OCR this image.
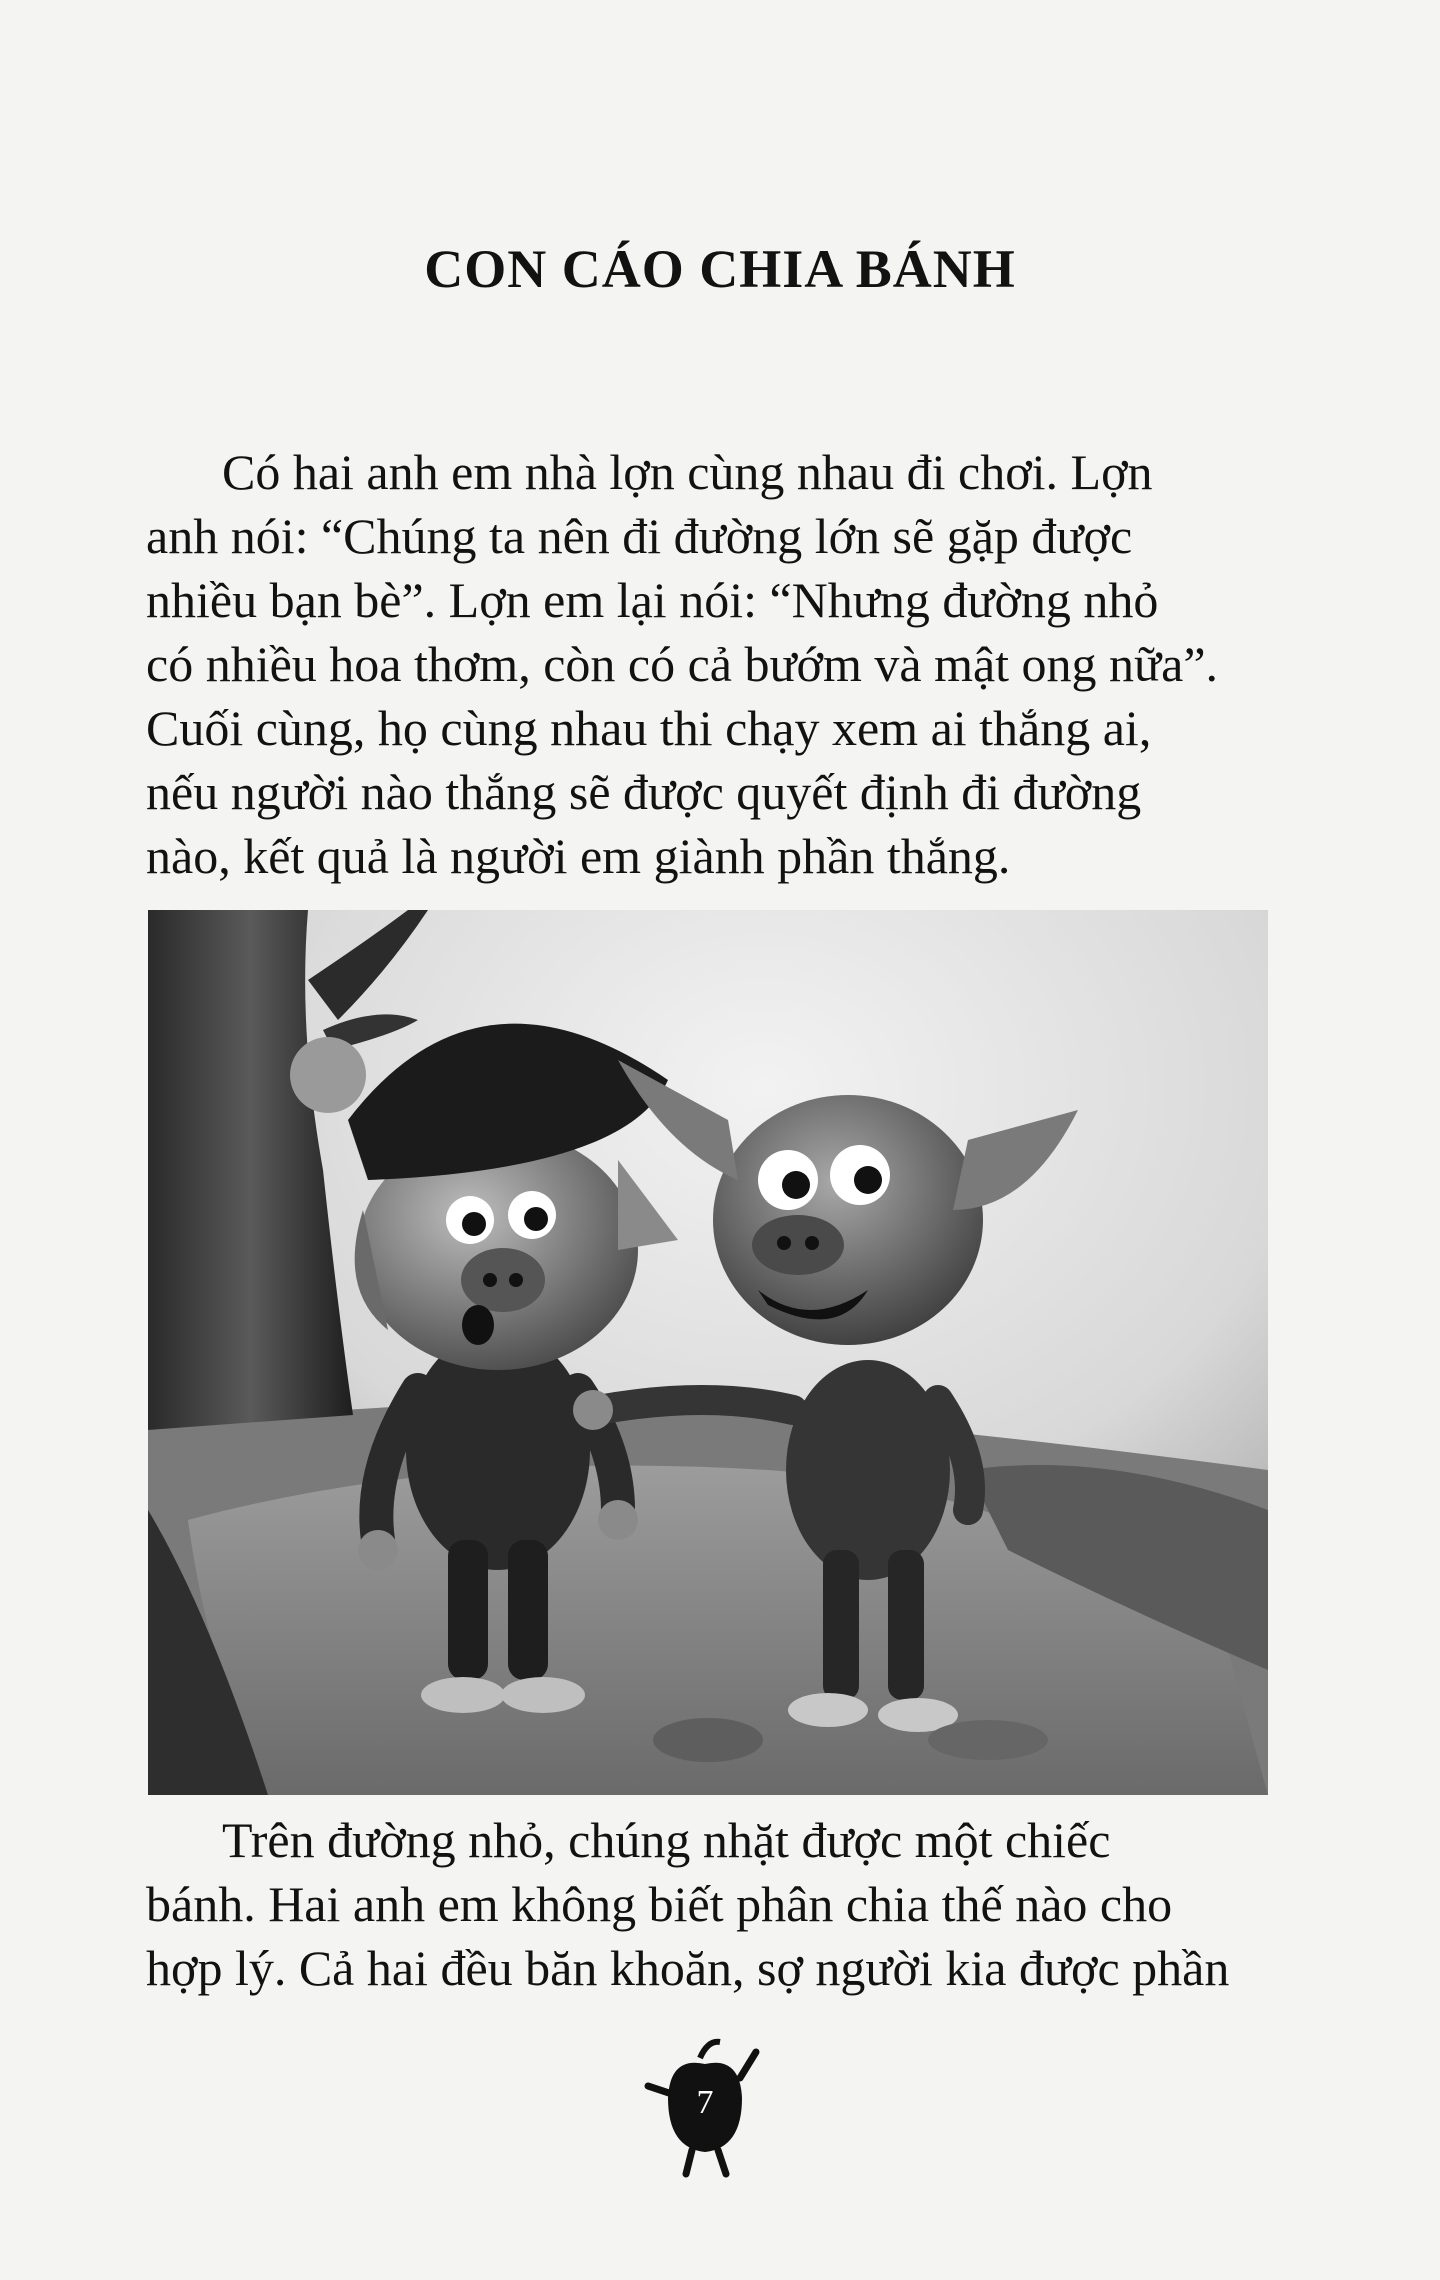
CON CÁO CHIA BÁNH

Có hai anh em nhà lợn cùng nhau đi chơi. Lợn
anh nói: “Chúng ta nên đi đường lớn sẽ gặp được
nhiều bạn bè”. Lợn em lại nói: “Nhưng đường nhỏ
có nhiều hoa thơm, còn có cả bướm và mật ong nữa”.
Cuối cùng, họ cùng nhau thi chạy xem ai thắng ai,
nếu người nào thắng sẽ được quyết định đi đường
nào, kết quả là người em giành phần thắng.

Trên đường nhỏ, chúng nhặt được một chiếc
bánh. Hai anh em không biết phân chia thế nào cho
hợp lý. Cả hai đều băn khoăn, sợ người kia được phần

7
